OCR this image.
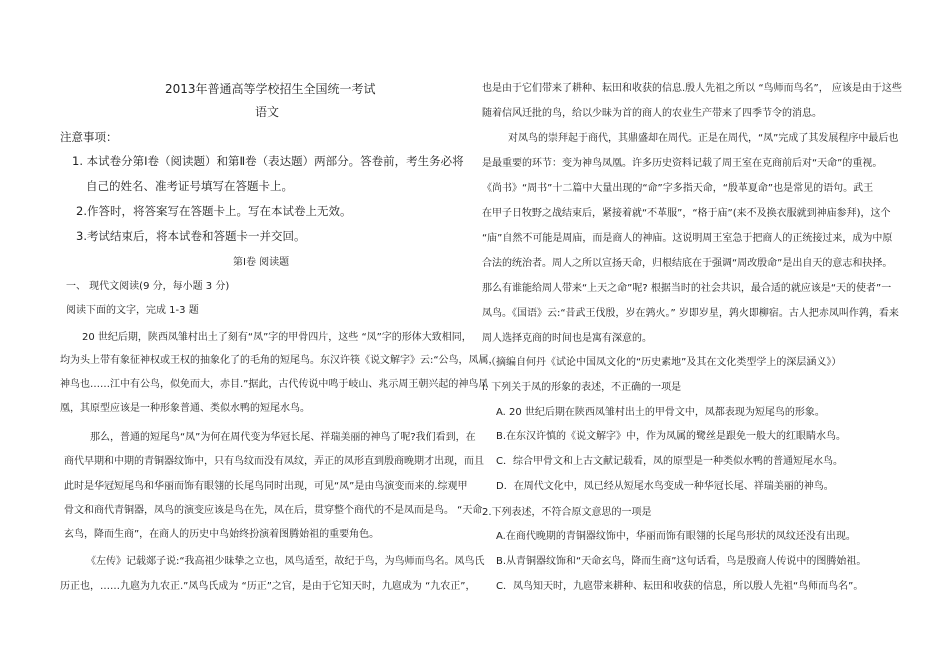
2013年普通高等学校招生全国统一考试
语文
注意事项：
1. 本试卷分第Ⅰ卷（阅读题）和第Ⅱ卷（表达题）两部分。答卷前，考生务必将
自己的姓名、准考证号填写在答题卡上。
2.作答时，将答案写在答题卡上。写在本试卷上无效。
3.考试结束后，将本试卷和答题卡一并交回。
第Ⅰ卷 阅读题
一、 现代文阅读(9 分，每小题 3 分)
阅读下面的文字，完成 1-3 题
20 世纪后期，陕西凤雏村出土了刻有“凤”字的甲骨四片，这些 “凤”字的形体大致相同，
均为头上带有象征神权或王权的抽象化了的毛角的短尾鸟。东汉许筷《说文解字》云:“公鸟，凤属，
神鸟也……江中有公鸟，似免而大，赤目.”据此，古代传说中鸣于岐山、兆示周王朝兴起的神鸟凤
凰，其原型应该是一种形象普通、类似水鸭的短尾水鸟。
那么，普通的短尾鸟“凤”为何在周代变为华冠长尾、祥瑞美丽的神鸟了呢?我们看到，在
商代早期和中期的青铜器纹饰中，只有鸟纹而没有凤纹，弄正的凤形直到殷商晚期才出现，而且
此时是华冠短尾鸟和华丽而饰有眼翎的长尾鸟同时出现，可见“凤”是由鸟演变而来的.综观甲
骨文和商代青铜器，凤鸟的演变应该是鸟在先，凤在后，贯穿整个商代的不是凤而是鸟。 “天命
玄鸟，降而生商”，在商人的历史中鸟始终扮演着图腾始祖的重要角色。
《左传》记载郯子说:“我高祖少昧挚之立也，凤鸟适至，故纪于鸟，为鸟师而鸟名。凤鸟氏
历正也，……九扈为九农正.”凤鸟氏成为 “历正”之官，是由于它知天时，九扈成为 “九农正”，
也是由于它们带来了耕种、耘田和收获的信息.殷人先祖之所以 “鸟师而鸟名”， 应该是由于这些
随着信风迁批的鸟，给以少昧为首的商人的农业生产带来了四季节令的消息。
对凤鸟的崇拜起于商代，其鼎盛却在周代。正是在周代，“凤”完成了其发展程序中最后也
是最重要的环节：变为神鸟凤凰。许多历史资料记载了周王室在克商前后对“天命”的重视。
《尚书》“周书”十二篇中大量出现的“命”字多指天命，“殷革夏命”也是常见的语句。武王
在甲子日牧野之战结束后，紧接着就“不革服”，“格于庙”(来不及换衣服就到神庙参拜)，这个
“庙”自然不可能是周庙，而是商人的神庙。这说明周王室急于把商人的正统接过来，成为中原
合法的统治者。周人之所以宣扬天命，归根结底在于强调“周改殷命”是出自天的意志和抉择。
那么有谁能给周人带来“上天之命”呢? 根据当时的社会共识，最合适的就应该是“天的使者”一
凤鸟。《国语》云:“昔武王伐殷，岁在鹑火。” 岁即岁星，鹑火即柳宿。古人把赤凤叫作鹑，看来
周人选择克商的时间也是寓有深意的。
（摘编自何丹《试论中国凤文化的“历史素地”及其在文化类型学上的深层涵义》）
l. 下列关于凤的形象的表述，不正确的一项是
A. 20 世纪后期在陕西凤雏村出土的甲骨文中，凤都表现为短尾鸟的形象。
B.在东汉许慎的《说文解字》中，作为凤属的鹭丝是跟免一般大的红眼睛水鸟。
C．综合甲骨文和上古文献记载看，凤的原型是一种类似水鸭的普通短尾水鸟。
D．在周代文化中，凤已经从短尾水鸟变成一种华冠长尾、祥瑞美丽的神鸟。
2.下列表述，不符合原文意思的一项是
A.在商代晚期的青铜器纹饰中，华丽而饰有眼翎的长尾鸟形状的凤纹还没有出现。
B.从青铜器纹饰和“天命玄鸟，降而生商”这句话看，鸟是殷商人传说中的图腾始祖。
C．凤鸟知天时，九扈带来耕种、耘田和收获的信息，所以殷人先祖“鸟师而鸟名”。
